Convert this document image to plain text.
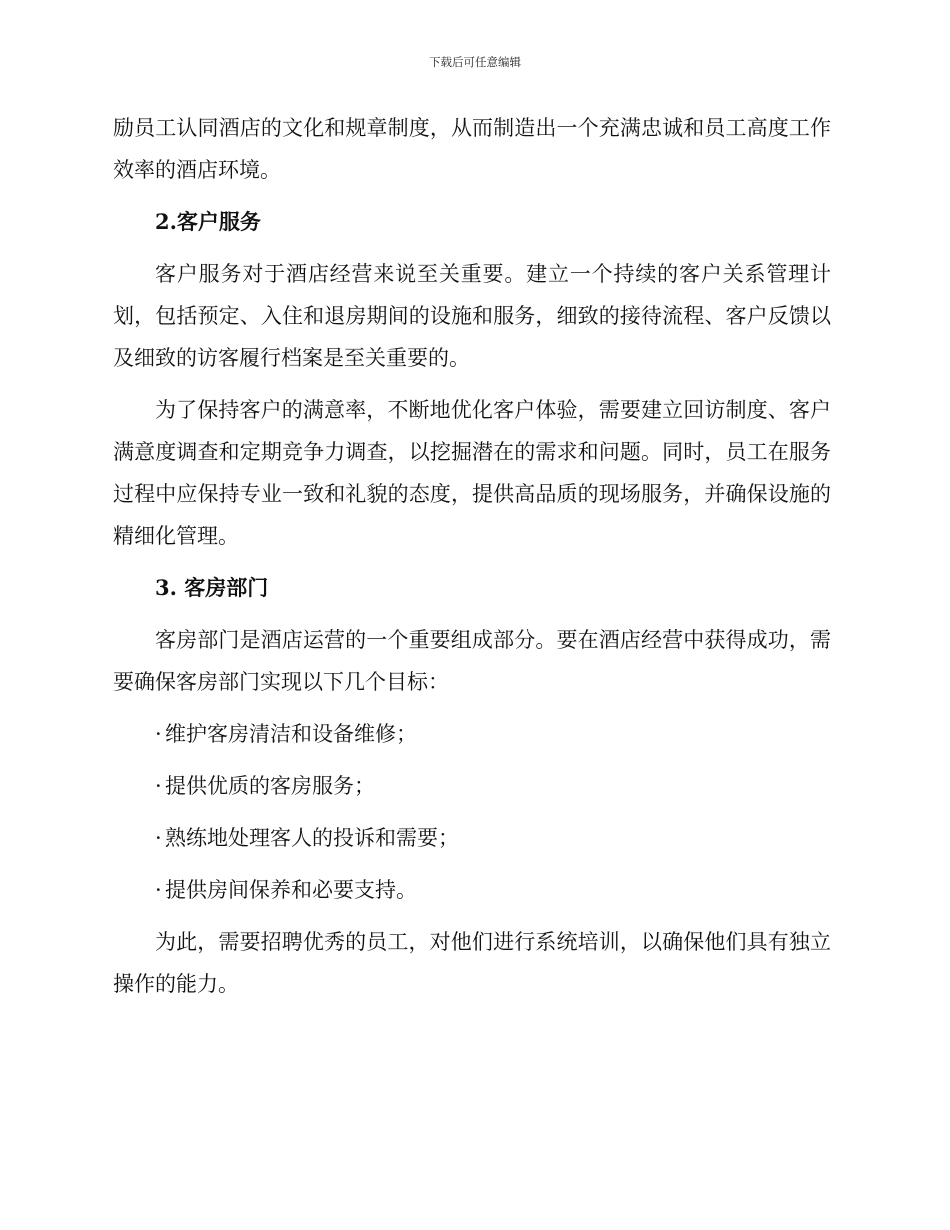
下载后可任意编辑

励员工认同酒店的文化和规章制度，从而制造出一个充满忠诚和员工高度工作效率的酒店环境。

2.客户服务

客户服务对于酒店经营来说至关重要。建立一个持续的客户关系管理计划，包括预定、入住和退房期间的设施和服务，细致的接待流程、客户反馈以及细致的访客履行档案是至关重要的。

为了保持客户的满意率，不断地优化客户体验，需要建立回访制度、客户满意度调查和定期竞争力调查，以挖掘潜在的需求和问题。同时，员工在服务过程中应保持专业一致和礼貌的态度，提供高品质的现场服务，并确保设施的精细化管理。

3. 客房部门

客房部门是酒店运营的一个重要组成部分。要在酒店经营中获得成功，需要确保客房部门实现以下几个目标：

· 维护客房清洁和设备维修；

· 提供优质的客房服务；

· 熟练地处理客人的投诉和需要；

· 提供房间保养和必要支持。

为此，需要招聘优秀的员工，对他们进行系统培训，以确保他们具有独立操作的能力。
